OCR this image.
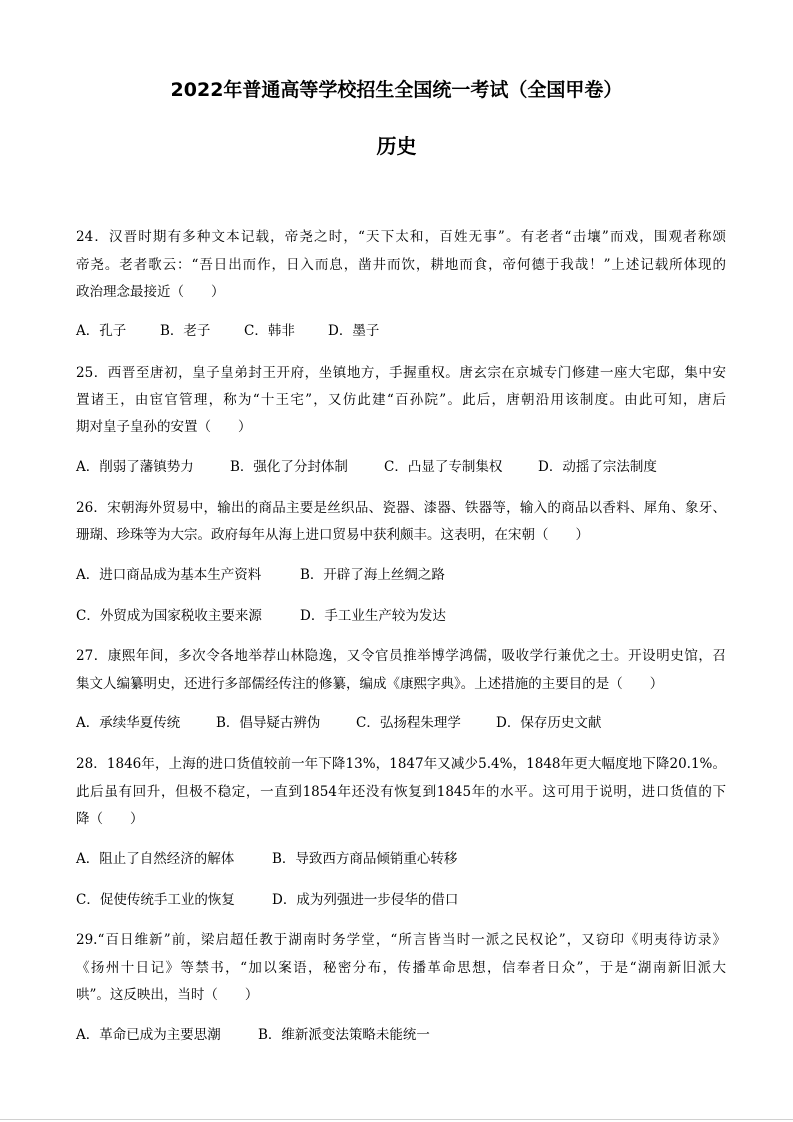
2022年普通高等学校招生全国统一考试（全国甲卷）
历史
24．汉晋时期有多种文本记载，帝尧之时，“天下太和，百姓无事”。有老者“击壤”而戏，围观者称颂
帝尧。老者歌云：“吾日出而作，日入而息，凿井而饮，耕地而食，帝何德于我哉！”上述记载所体现的
政治理念最接近（　　）
A．孔子	B．老子	C．韩非	D．墨子
25．西晋至唐初，皇子皇弟封王开府，坐镇地方，手握重权。唐玄宗在京城专门修建一座大宅邸，集中安
置诸王，由宦官管理，称为“十王宅”，又仿此建“百孙院”。此后，唐朝沿用该制度。由此可知，唐后
期对皇子皇孙的安置（　　）
A．削弱了藩镇势力	B．强化了分封体制	C．凸显了专制集权	D．动摇了宗法制度
26．宋朝海外贸易中，输出的商品主要是丝织品、瓷器、漆器、铁器等，输入的商品以香料、犀角、象牙、
珊瑚、珍珠等为大宗。政府每年从海上进口贸易中获利颇丰。这表明，在宋朝（　　）
A．进口商品成为基本生产资料	B．开辟了海上丝绸之路
C．外贸成为国家税收主要来源	D．手工业生产较为发达
27．康熙年间，多次令各地举荐山林隐逸，又令官员推举博学鸿儒，吸收学行兼优之士。开设明史馆，召
集文人编纂明史，还进行多部儒经传注的修纂，编成《康熙字典》。上述措施的主要目的是（　　）
A．承续华夏传统	B．倡导疑古辨伪	C．弘扬程朱理学	D．保存历史文献
28．1846年，上海的进口货值较前一年下降13%，1847年又减少5.4%，1848年更大幅度地下降20.1%。
此后虽有回升，但极不稳定，一直到1854年还没有恢复到1845年的水平。这可用于说明，进口货值的下
降（　　）
A．阻止了自然经济的解体	B．导致西方商品倾销重心转移
C．促使传统手工业的恢复	D．成为列强进一步侵华的借口
29.“百日维新”前，梁启超任教于湖南时务学堂，“所言皆当时一派之民权论”，又窃印《明夷待访录》
《扬州十日记》等禁书，“加以案语，秘密分布，传播革命思想，信奉者日众”，于是“湖南新旧派大
哄”。这反映出，当时（　　）
A．革命已成为主要思潮	B．维新派变法策略未能统一
